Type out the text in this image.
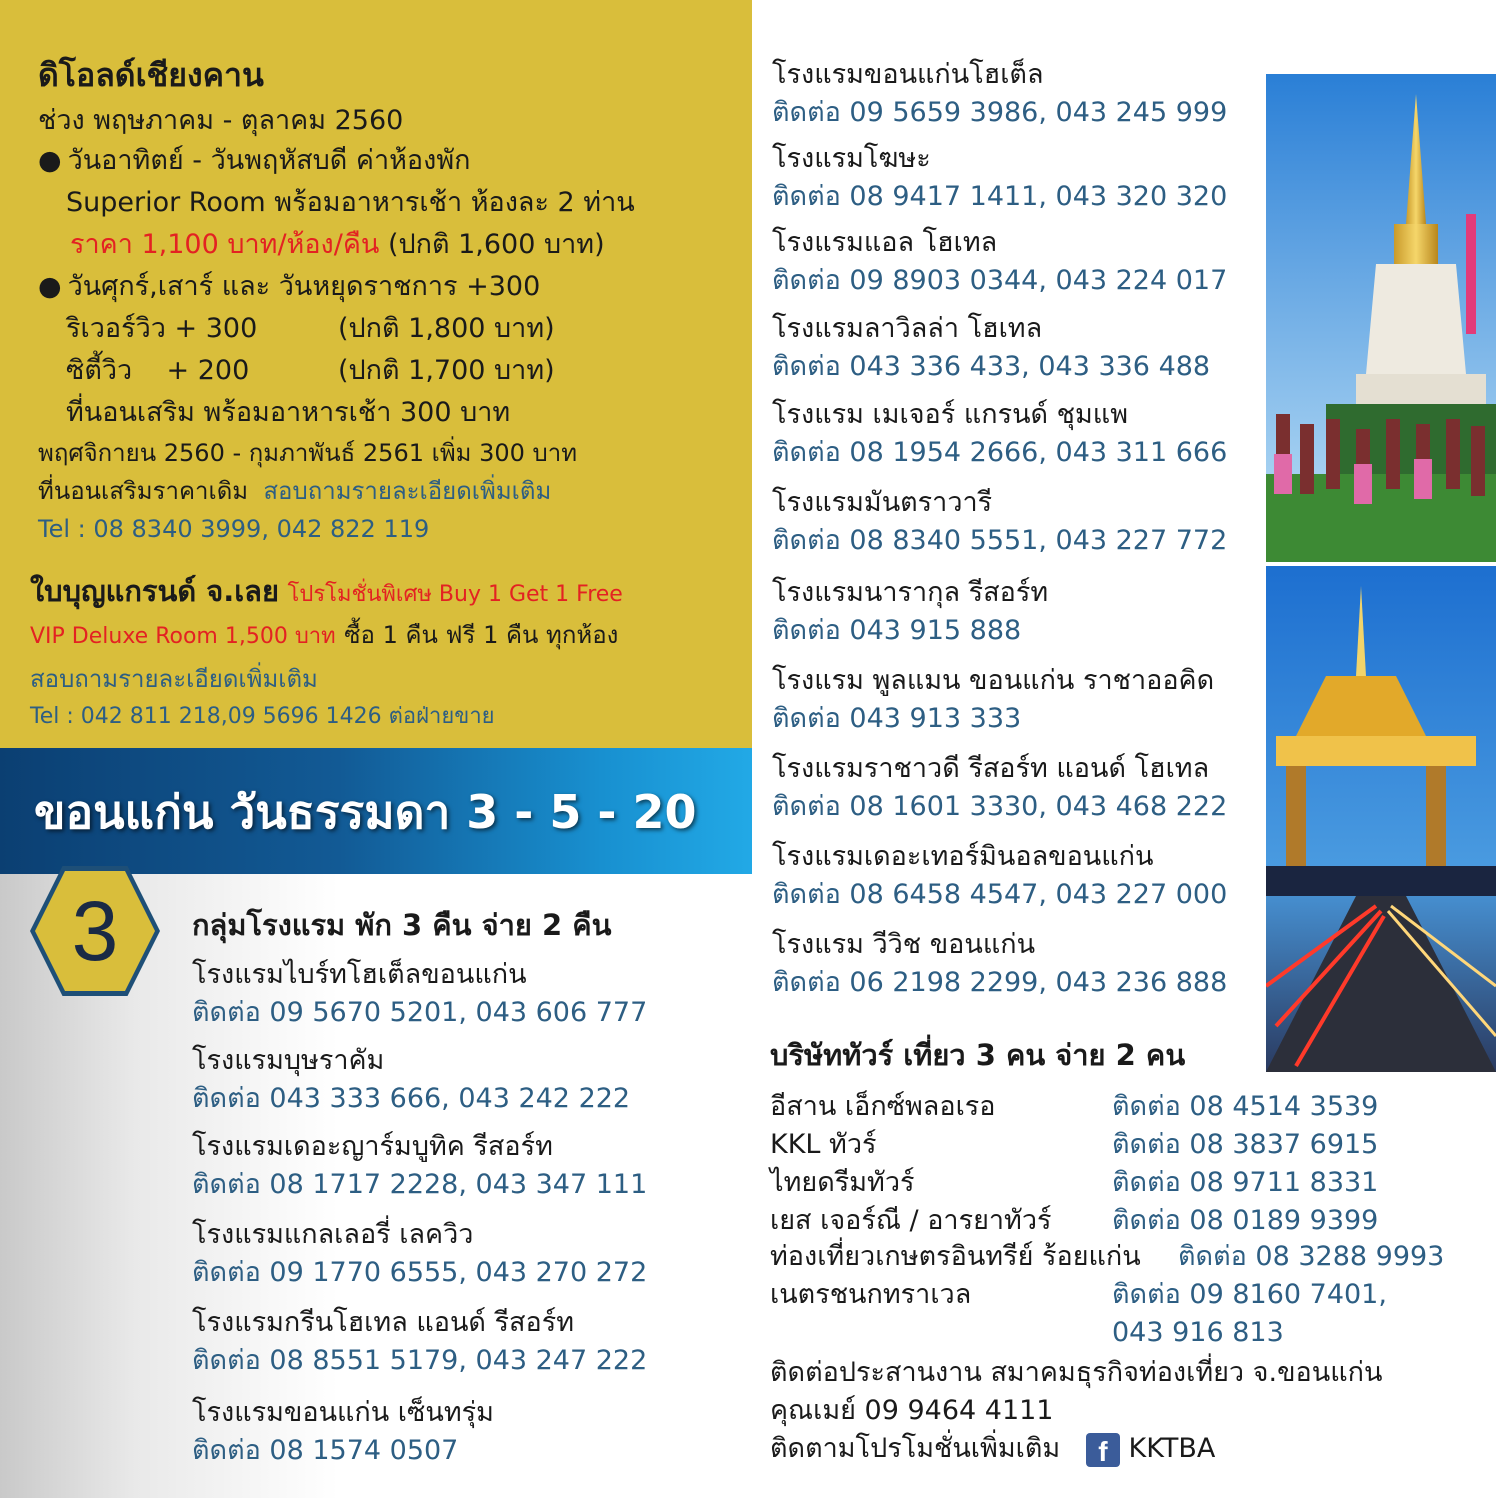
ดิโอลด์เชียงคาน
ช่วง พฤษภาคม - ตุลาคม 2560
● วันอาทิตย์ - วันพฤหัสบดี ค่าห้องพัก
Superior Room พร้อมอาหารเช้า ห้องละ 2 ท่าน
ราคา 1,100 บาท/ห้อง/คืน (ปกติ 1,600 บาท)
● วันศุกร์,เสาร์ และ วันหยุดราชการ +300
ริเวอร์วิว + 300	(ปกติ 1,800 บาท)
ซิตี้วิว    + 200	(ปกติ 1,700 บาท)
ที่นอนเสริม พร้อมอาหารเช้า 300 บาท
พฤศจิกายน 2560 - กุมภาพันธ์ 2561 เพิ่ม 300 บาท
ที่นอนเสริมราคาเดิม สอบถามรายละเอียดเพิ่มเติม
Tel : 08 8340 3999, 042 822 119
ใบบุญแกรนด์ จ.เลย โปรโมชั่นพิเศษ Buy 1 Get 1 Free
VIP Deluxe Room 1,500 บาท ซื้อ 1 คืน ฟรี 1 คืน ทุกห้อง
สอบถามรายละเอียดเพิ่มเติม
Tel : 042 811 218,09 5696 1426 ต่อฝ่ายขาย
ขอนแก่น วันธรรมดา 3 - 5 - 20
3	กลุ่มโรงแรม พัก 3 คืน จ่าย 2 คืน
โรงแรมไบร์ทโฮเต็ลขอนแก่น
ติดต่อ 09 5670 5201, 043 606 777
โรงแรมบุษราคัม
ติดต่อ 043 333 666, 043 242 222
โรงแรมเดอะญาร์มบูทิค รีสอร์ท
ติดต่อ 08 1717 2228, 043 347 111
โรงแรมแกลเลอรี่ เลควิว
ติดต่อ 09 1770 6555, 043 270 272
โรงแรมกรีนโฮเทล แอนด์ รีสอร์ท
ติดต่อ 08 8551 5179, 043 247 222
โรงแรมขอนแก่น เซ็นทรุ่ม
ติดต่อ 08 1574 0507
โรงแรมขอนแก่นโฮเต็ล
ติดต่อ 09 5659 3986, 043 245 999
โรงแรมโฆษะ
ติดต่อ 08 9417 1411, 043 320 320
โรงแรมแอล โฮเทล
ติดต่อ 09 8903 0344, 043 224 017
โรงแรมลาวิลล่า โฮเทล
ติดต่อ 043 336 433, 043 336 488
โรงแรม เมเจอร์ แกรนด์ ชุมแพ
ติดต่อ 08 1954 2666, 043 311 666
โรงแรมมันตราวารี
ติดต่อ 08 8340 5551, 043 227 772
โรงแรมนารากุล รีสอร์ท
ติดต่อ 043 915 888
โรงแรม พูลแมน ขอนแก่น ราชาออคิด
ติดต่อ 043 913 333
โรงแรมราชาวดี รีสอร์ท แอนด์ โฮเทล
ติดต่อ 08 1601 3330, 043 468 222
โรงแรมเดอะเทอร์มินอลขอนแก่น
ติดต่อ 08 6458 4547, 043 227 000
โรงแรม วีวิช ขอนแก่น
ติดต่อ 06 2198 2299, 043 236 888
บริษัททัวร์ เที่ยว 3 คน จ่าย 2 คน
อีสาน เอ็กซ์พลอเรอ	ติดต่อ 08 4514 3539
KKL ทัวร์	ติดต่อ 08 3837 6915
ไทยดรีมทัวร์	ติดต่อ 08 9711 8331
เยส เจอร์ณี / อารยาทัวร์ ติดต่อ 08 0189 9399
ท่องเที่ยวเกษตรอินทรีย์ ร้อยแก่น ติดต่อ 08 3288 9993
เนตรชนกทราเวล	ติดต่อ 09 8160 7401,
043 916 813
ติดต่อประสานงาน สมาคมธุรกิจท่องเที่ยว จ.ขอนแก่น
คุณเมย์ 09 9464 4111
ติดตามโปรโมชั่นเพิ่มเติม f KKTBA
